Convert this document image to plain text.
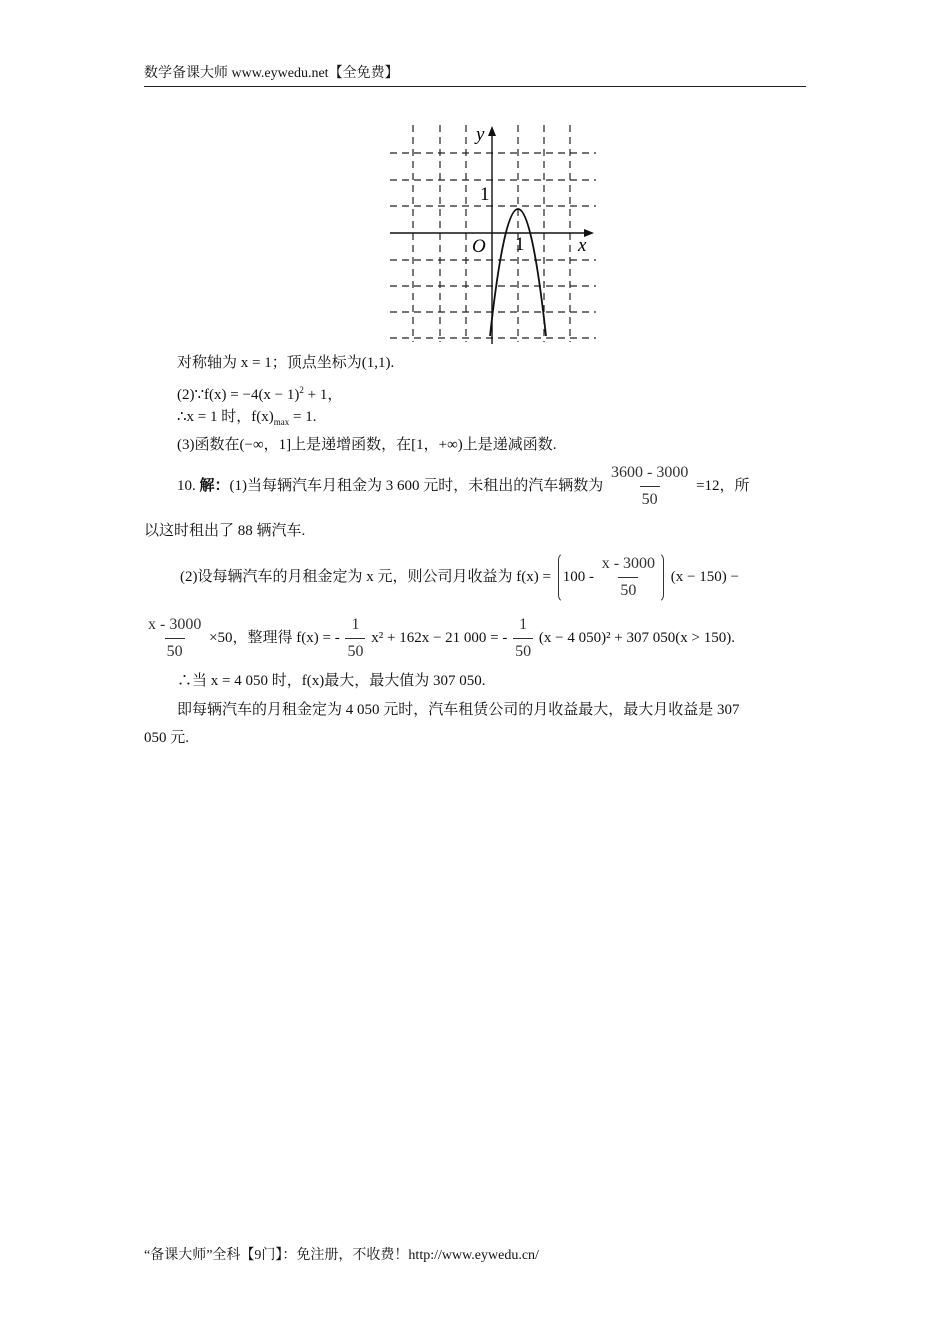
数学备课大师 www.eywedu.net【全免费】
y
x
O
1
1
对称轴为 x = 1；顶点坐标为(1,1).
(2)∵f(x) = $-4(x - 1)^2 + 1$，
∴x = 1 时，$f(x)_{max} = 1$.
(3)函数在(−∞，1]上是递增函数，在[1，+∞)上是递减函数.
10. 解：(1)当每辆汽车月租金为 3 600 元时，未租出的汽车辆数为 $\frac{3600 - 3000}{50} =12$，所
以这时租出了 88 辆汽车.
(2)设每辆汽车的月租金定为 x 元，则公司月收益为 $f(x) = 100 - \frac{x - 3000}{50} (x - 150)$ −
$\frac{x - 3000}{50} \times 50$，整理得 f(x) = - $\frac{1}{50} x^2 + 162x - 21$ 000 = - $\frac{1}{50} (x - 4$ 050)² + 307 050(x > 150).
∴当 x = 4 050 时，f(x)最大，最大值为 307 050.
即每辆汽车的月租金定为 4 050 元时，汽车租赁公司的月收益最大，最大月收益是 307
050 元.
“备课大师”全科【9门】：免注册，不收费！http://www.eywedu.cn/
